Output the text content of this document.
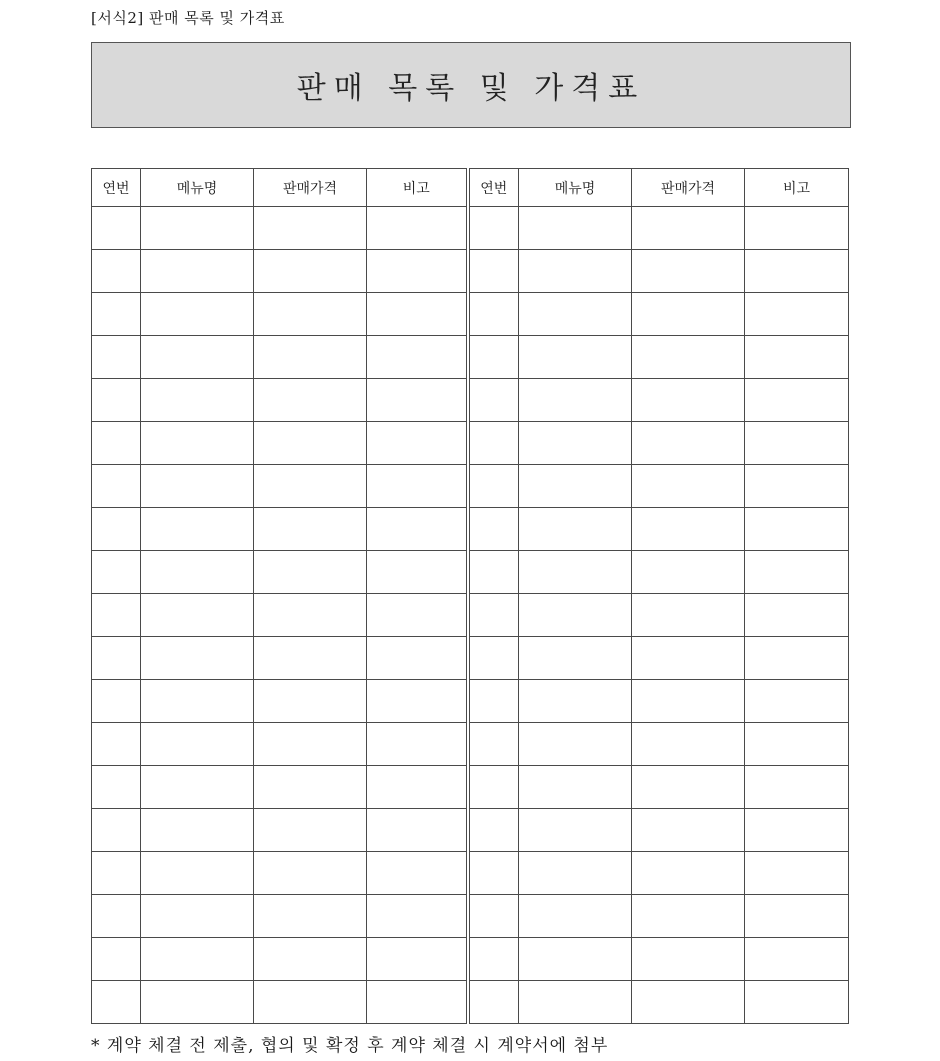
[서식2] 판매 목록 및 가격표
판매 목록 및 가격표
연번	메뉴명	판매가격	비고	연번	메뉴명	판매가격	비고

* 계약 체결 전 제출, 협의 및 확정 후 계약 체결 시 계약서에 첨부
